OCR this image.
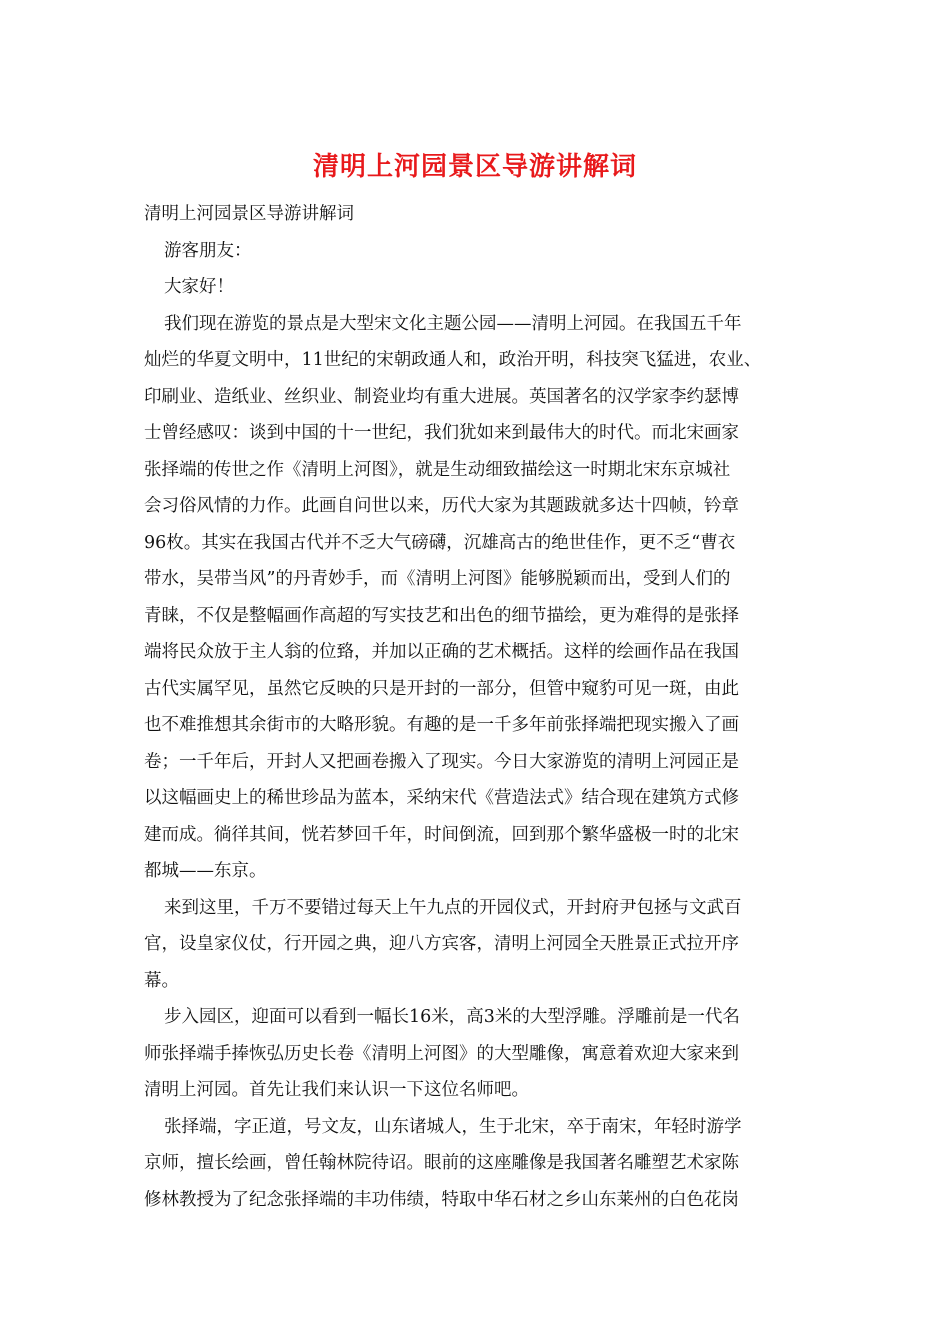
清明上河园景区导游讲解词
清明上河园景区导游讲解词
游客朋友：
大家好！
我们现在游览的景点是大型宋文化主题公园——清明上河园。在我国五千年
灿烂的华夏文明中，11世纪的宋朝政通人和，政治开明，科技突飞猛进，农业、
印刷业、造纸业、丝织业、制瓷业均有重大进展。英国著名的汉学家李约瑟博
士曾经感叹：谈到中国的十一世纪，我们犹如来到最伟大的时代。而北宋画家
张择端的传世之作《清明上河图》，就是生动细致描绘这一时期北宋东京城社
会习俗风情的力作。此画自问世以来，历代大家为其题跋就多达十四帧，钤章
96枚。其实在我国古代并不乏大气磅礴，沉雄高古的绝世佳作，更不乏“曹衣
带水，吴带当风”的丹青妙手，而《清明上河图》能够脱颖而出，受到人们的
青睐，不仅是整幅画作高超的写实技艺和出色的细节描绘，更为难得的是张择
端将民众放于主人翁的位臵，并加以正确的艺术概括。这样的绘画作品在我国
古代实属罕见，虽然它反映的只是开封的一部分，但管中窥豹可见一斑，由此
也不难推想其余街市的大略形貌。有趣的是一千多年前张择端把现实搬入了画
卷；一千年后，开封人又把画卷搬入了现实。今日大家游览的清明上河园正是
以这幅画史上的稀世珍品为蓝本，采纳宋代《营造法式》结合现在建筑方式修
建而成。徜徉其间，恍若梦回千年，时间倒流，回到那个繁华盛极一时的北宋
都城——东京。
来到这里，千万不要错过每天上午九点的开园仪式，开封府尹包拯与文武百
官，设皇家仪仗，行开园之典，迎八方宾客，清明上河园全天胜景正式拉开序
幕。
步入园区，迎面可以看到一幅长16米，高3米的大型浮雕。浮雕前是一代名
师张择端手捧恢弘历史长卷《清明上河图》的大型雕像，寓意着欢迎大家来到
清明上河园。首先让我们来认识一下这位名师吧。
张择端，字正道，号文友，山东诸城人，生于北宋，卒于南宋，年轻时游学
京师，擅长绘画，曾任翰林院待诏。眼前的这座雕像是我国著名雕塑艺术家陈
修林教授为了纪念张择端的丰功伟绩，特取中华石材之乡山东莱州的白色花岗
